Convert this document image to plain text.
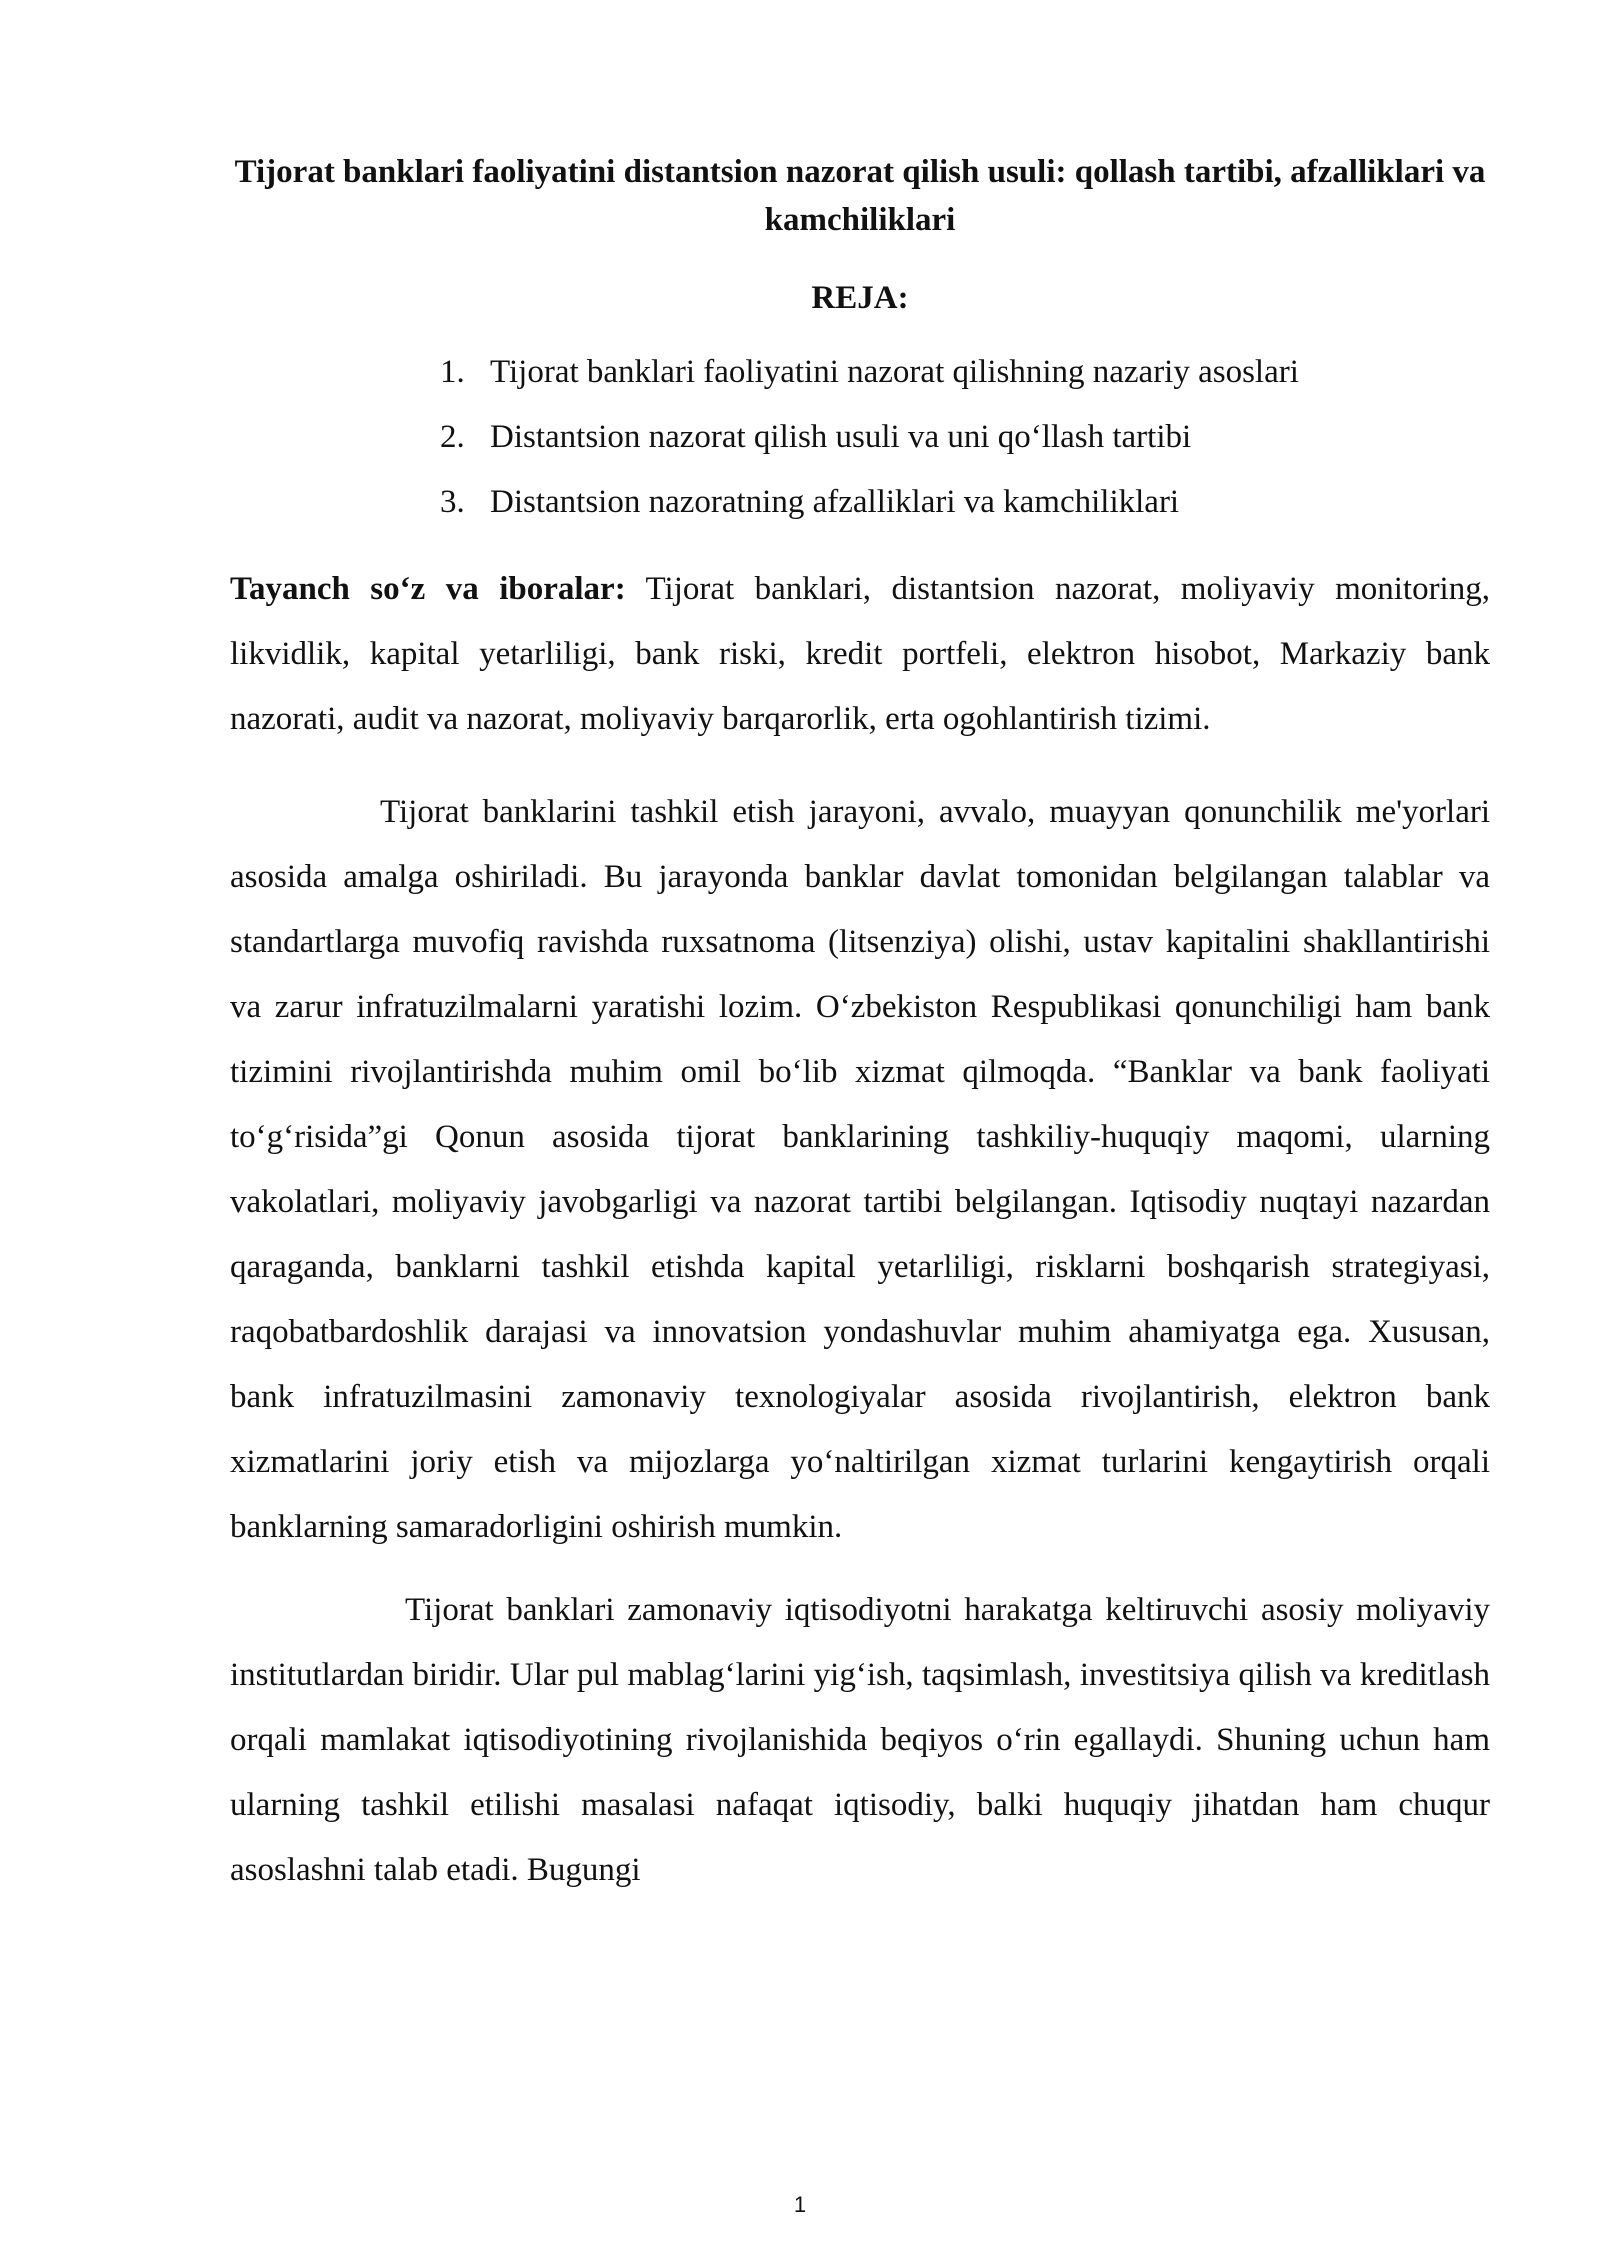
Tijorat banklari faoliyatini distantsion nazorat qilish usuli: qollash tartibi, afzalliklari va kamchiliklari
REJA:
1. Tijorat banklari faoliyatini nazorat qilishning nazariy asoslari
2. Distantsion nazorat qilish usuli va uni qo‘llash tartibi
3. Distantsion nazoratning afzalliklari va kamchiliklari

Tayanch so‘z va iboralar: Tijorat banklari, distantsion nazorat, moliyaviy monitoring, likvidlik, kapital yetarliligi, bank riski, kredit portfeli, elektron hisobot, Markaziy bank nazorati, audit va nazorat, moliyaviy barqarorlik, erta ogohlantirish tizimi.

Tijorat banklarini tashkil etish jarayoni, avvalo, muayyan qonunchilik me'yorlari asosida amalga oshiriladi. Bu jarayonda banklar davlat tomonidan belgilangan talablar va standartlarga muvofiq ravishda ruxsatnoma (litsenziya) olishi, ustav kapitalini shakllantirishi va zarur infratuzilmalarni yaratishi lozim. O‘zbekiston Respublikasi qonunchiligi ham bank tizimini rivojlantirishda muhim omil bo‘lib xizmat qilmoqda. “Banklar va bank faoliyati to‘g‘risida”gi Qonun asosida tijorat banklarining tashkiliy-huquqiy maqomi, ularning vakolatlari, moliyaviy javobgarligi va nazorat tartibi belgilangan. Iqtisodiy nuqtayi nazardan qaraganda, banklarni tashkil etishda kapital yetarliligi, risklarni boshqarish strategiyasi, raqobatbardoshlik darajasi va innovatsion yondashuvlar muhim ahamiyatga ega. Xususan, bank infratuzilmasini zamonaviy texnologiyalar asosida rivojlantirish, elektron bank xizmatlarini joriy etish va mijozlarga yo‘naltirilgan xizmat turlarini kengaytirish orqali banklarning samaradorligini oshirish mumkin.

Tijorat banklari zamonaviy iqtisodiyotni harakatga keltiruvchi asosiy moliyaviy institutlardan biridir. Ular pul mablag‘larini yig‘ish, taqsimlash, investitsiya qilish va kreditlash orqali mamlakat iqtisodiyotining rivojlanishida beqiyos o‘rin egallaydi. Shuning uchun ham ularning tashkil etilishi masalasi nafaqat iqtisodiy, balki huquqiy jihatdan ham chuqur asoslashni talab etadi. Bugungi

1
